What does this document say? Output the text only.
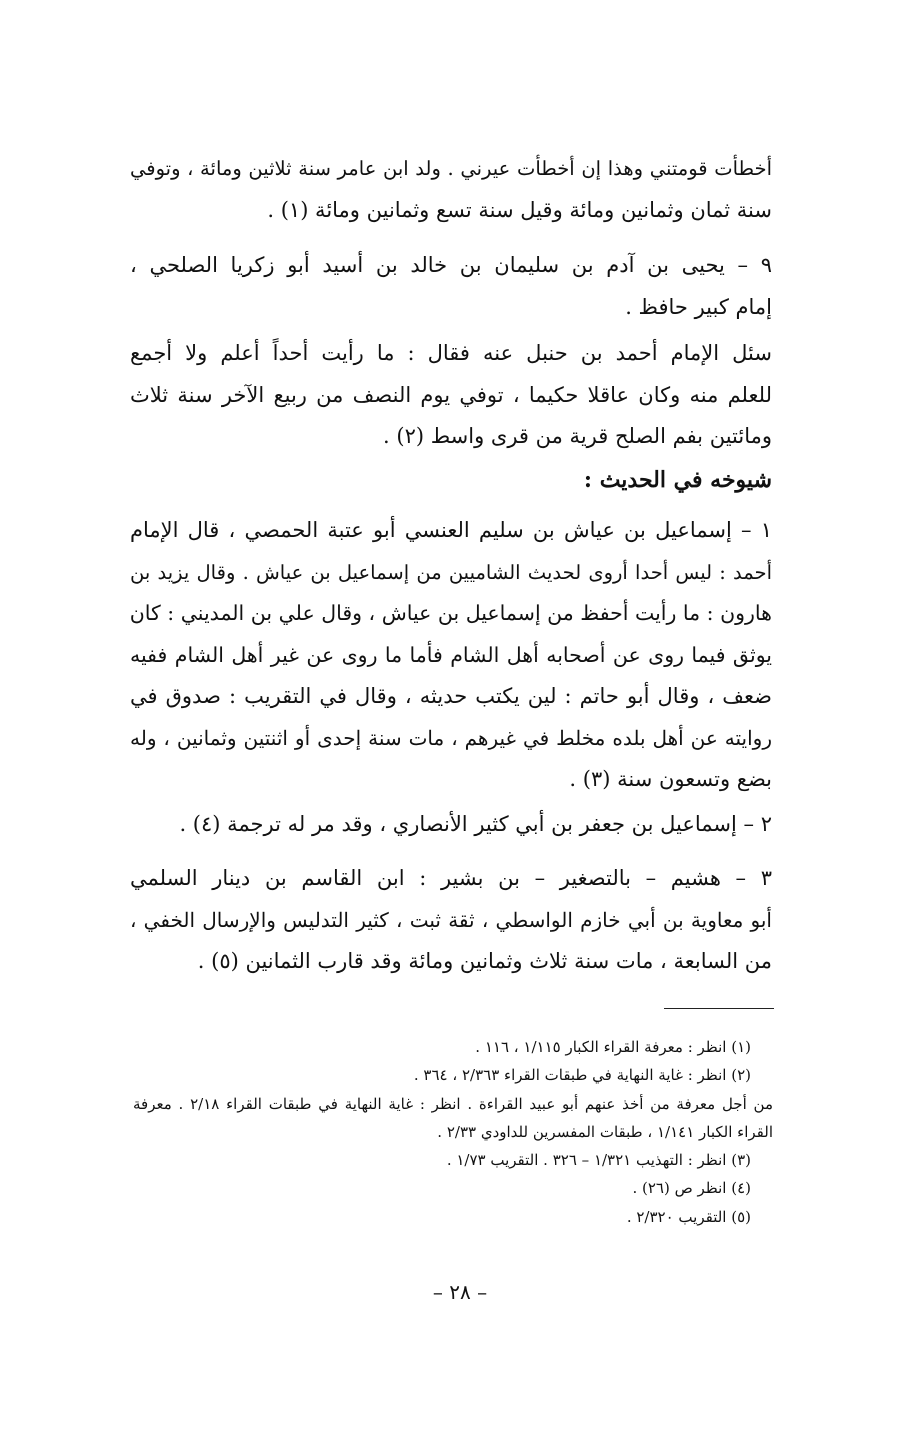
أخطأت قومتني وهذا إن أخطأت عيرني . ولد ابن عامر سنة ثلاثين ومائة ، وتوفي
سنة ثمان وثمانين ومائة وقيل سنة تسع وثمانين ومائة (١) .
٩ – يحيى بن آدم بن سليمان بن خالد بن أسيد أبو زكريا الصلحي ،
إمام كبير حافظ .
سئل الإمام أحمد بن حنبل عنه فقال : ما رأيت أحداً أعلم ولا أجمع
للعلم منه وكان عاقلا حكيما ، توفي يوم النصف من ربيع الآخر سنة ثلاث
ومائتين بفم الصلح قرية من قرى واسط (٢) .
شيوخه في الحديث :
١ – إسماعيل بن عياش بن سليم العنسي أبو عتبة الحمصي ، قال الإمام
أحمد : ليس أحدا أروى لحديث الشاميين من إسماعيل بن عياش . وقال يزيد بن
هارون : ما رأيت أحفظ من إسماعيل بن عياش ، وقال علي بن المديني : كان
يوثق فيما روى عن أصحابه أهل الشام فأما ما روى عن غير أهل الشام ففيه
ضعف ، وقال أبو حاتم : لين يكتب حديثه ، وقال في التقريب : صدوق في
روايته عن أهل بلده مخلط في غيرهم ، مات سنة إحدى أو اثنتين وثمانين ، وله
بضع وتسعون سنة (٣) .
٢ – إسماعيل بن جعفر بن أبي كثير الأنصاري ، وقد مر له ترجمة (٤) .
٣ – هشيم – بالتصغير – بن بشير : ابن القاسم بن دينار السلمي
أبو معاوية بن أبي خازم الواسطي ، ثقة ثبت ، كثير التدليس والإرسال الخفي ،
من السابعة ، مات سنة ثلاث وثمانين ومائة وقد قارب الثمانين (٥) .
(١) انظر : معرفة القراء الكبار ١/١١٥ ، ١١٦ .
(٢) انظر : غاية النهاية في طبقات القراء ٢/٣٦٣ ، ٣٦٤ .
من أجل معرفة من أخذ عنهم أبو عبيد القراءة . انظر : غاية النهاية في طبقات القراء ٢/١٨ . معرفة
القراء الكبار ١/١٤١ ، طبقات المفسرين للداودي ٢/٣٣ .
(٣) انظر : التهذيب ١/٣٢١ – ٣٢٦ . التقريب ١/٧٣ .
(٤) انظر ص (٢٦) .
(٥) التقريب ٢/٣٢٠ .
– ٢٨ –
